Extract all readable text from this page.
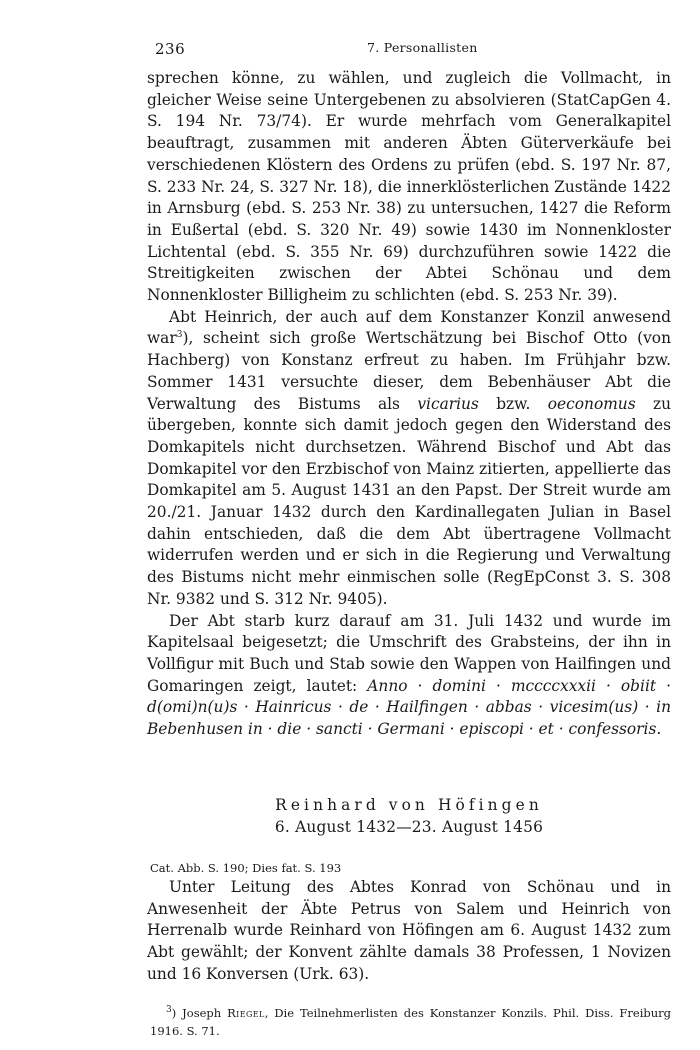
236	7. Personallisten

sprechen könne, zu wählen, und zugleich die Vollmacht, in gleicher Weise seine Untergebenen zu absolvieren (StatCapGen 4. S. 194 Nr. 73/74). Er wurde mehrfach vom Generalkapitel beauftragt, zusammen mit anderen Äbten Güterverkäufe bei verschiedenen Klöstern des Ordens zu prüfen (ebd. S. 197 Nr. 87, S. 233 Nr. 24, S. 327 Nr. 18), die innerklösterlichen Zustände 1422 in Arnsburg (ebd. S. 253 Nr. 38) zu untersuchen, 1427 die Reform in Eußertal (ebd. S. 320 Nr. 49) sowie 1430 im Nonnenkloster Lichtental (ebd. S. 355 Nr. 69) durchzuführen sowie 1422 die Streitigkeiten zwischen der Abtei Schönau und dem Nonnenkloster Billigheim zu schlichten (ebd. S. 253 Nr. 39).

Abt Heinrich, der auch auf dem Konstanzer Konzil anwesend war$^3$), scheint sich große Wertschätzung bei Bischof Otto (von Hachberg) von Konstanz erfreut zu haben. Im Frühjahr bzw. Sommer 1431 versuchte dieser, dem Bebenhäuser Abt die Verwaltung des Bistums als vicarius bzw. oeconomus zu übergeben, konnte sich damit jedoch gegen den Widerstand des Domkapitels nicht durchsetzen. Während Bischof und Abt das Domkapitel vor den Erzbischof von Mainz zitierten, appellierte das Domkapitel am 5. August 1431 an den Papst. Der Streit wurde am 20./21. Januar 1432 durch den Kardinallegaten Julian in Basel dahin entschieden, daß die dem Abt übertragene Vollmacht widerrufen werden und er sich in die Regierung und Verwaltung des Bistums nicht mehr einmischen solle (RegEpConst 3. S. 308 Nr. 9382 und S. 312 Nr. 9405).

Der Abt starb kurz darauf am 31. Juli 1432 und wurde im Kapitelsaal beigesetzt; die Umschrift des Grabsteins, der ihn in Vollfigur mit Buch und Stab sowie den Wappen von Hailfingen und Gomaringen zeigt, lautet: Anno · domini · mccccxxxii · obiit · d(omi)n(u)s · Hainricus · de · Hailfingen · abbas · vicesim(us) · in Bebenhusen in · die · sancti · Germani · episcopi · et · confessoris.

Reinhard von Höfingen
6. August 1432—23. August 1456
Cat. Abb. S. 190; Dies fat. S. 193

Unter Leitung des Abtes Konrad von Schönau und in Anwesenheit der Äbte Petrus von Salem und Heinrich von Herrenalb wurde Reinhard von Höfingen am 6. August 1432 zum Abt gewählt; der Konvent zählte damals 38 Professen, 1 Novizen und 16 Konversen (Urk. 63).

$^3$) Joseph Riegel, Die Teilnehmerlisten des Konstanzer Konzils. Phil. Diss. Freiburg 1916. S. 71.
